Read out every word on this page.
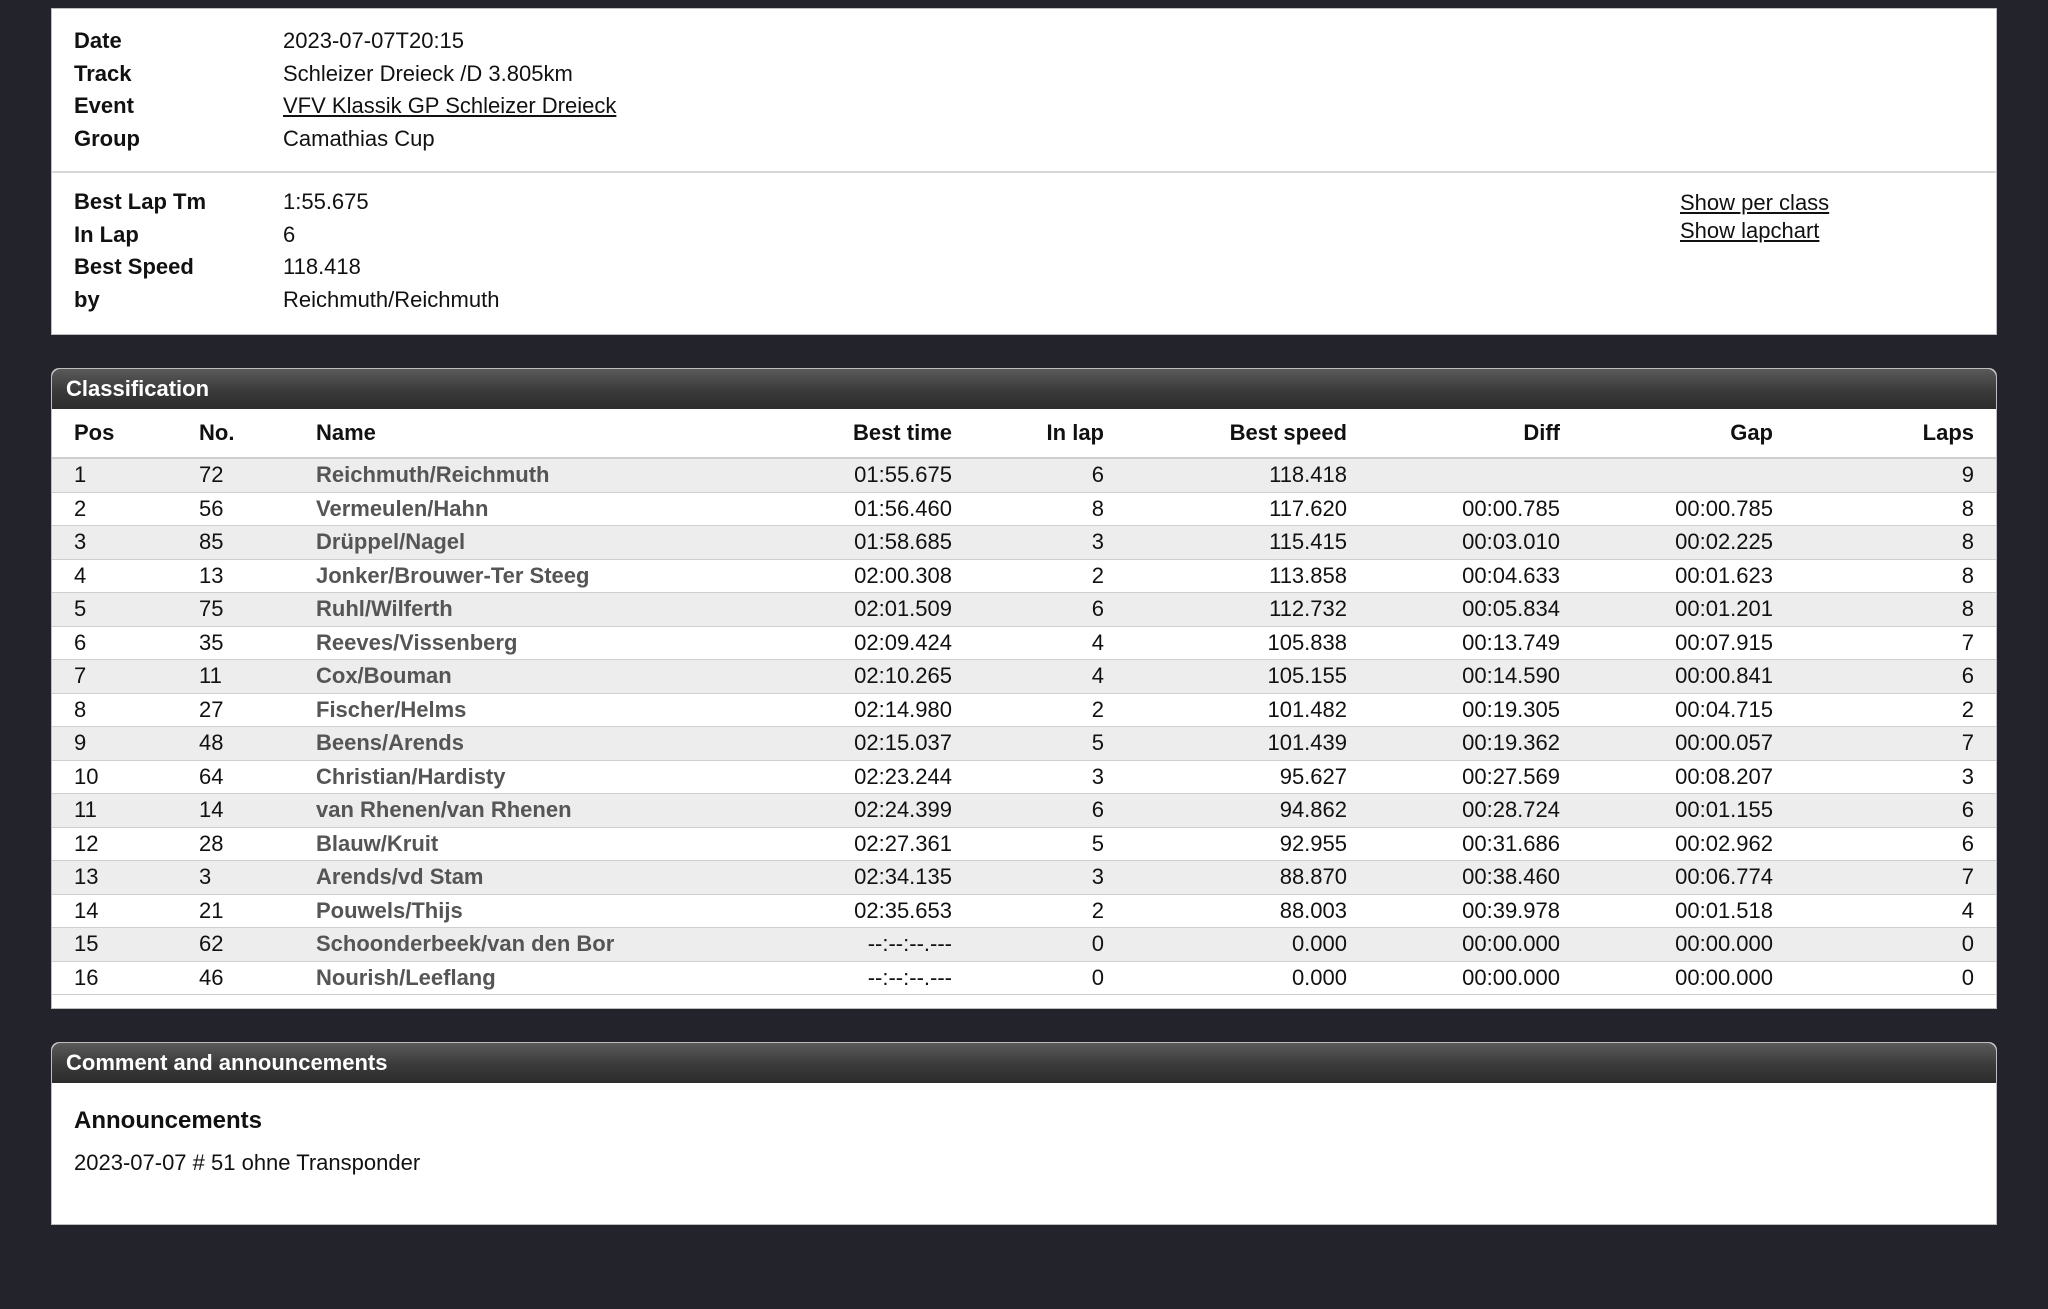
Date	2023-07-07T20:15
Track	Schleizer Dreieck /D 3.805km
Event	VFV Klassik GP Schleizer Dreieck
Group	Camathias Cup
Best Lap Tm	1:55.675
In Lap	6
Best Speed	118.418
by	Reichmuth/Reichmuth
Show per class
Show lapchart
Classification
Pos	No.	Name	Best time	In lap	Best speed	Diff	Gap	Laps
1	72	Reichmuth/Reichmuth	01:55.675	6	118.418			9
2	56	Vermeulen/Hahn	01:56.460	8	117.620	00:00.785	00:00.785	8
3	85	Drüppel/Nagel	01:58.685	3	115.415	00:03.010	00:02.225	8
4	13	Jonker/Brouwer-Ter Steeg	02:00.308	2	113.858	00:04.633	00:01.623	8
5	75	Ruhl/Wilferth	02:01.509	6	112.732	00:05.834	00:01.201	8
6	35	Reeves/Vissenberg	02:09.424	4	105.838	00:13.749	00:07.915	7
7	11	Cox/Bouman	02:10.265	4	105.155	00:14.590	00:00.841	6
8	27	Fischer/Helms	02:14.980	2	101.482	00:19.305	00:04.715	2
9	48	Beens/Arends	02:15.037	5	101.439	00:19.362	00:00.057	7
10	64	Christian/Hardisty	02:23.244	3	95.627	00:27.569	00:08.207	3
11	14	van Rhenen/van Rhenen	02:24.399	6	94.862	00:28.724	00:01.155	6
12	28	Blauw/Kruit	02:27.361	5	92.955	00:31.686	00:02.962	6
13	3	Arends/vd Stam	02:34.135	3	88.870	00:38.460	00:06.774	7
14	21	Pouwels/Thijs	02:35.653	2	88.003	00:39.978	00:01.518	4
15	62	Schoonderbeek/van den Bor	--:--:--.---	0	0.000	00:00.000	00:00.000	0
16	46	Nourish/Leeflang	--:--:--.---	0	0.000	00:00.000	00:00.000	0
Comment and announcements
Announcements
2023-07-07 # 51 ohne Transponder
